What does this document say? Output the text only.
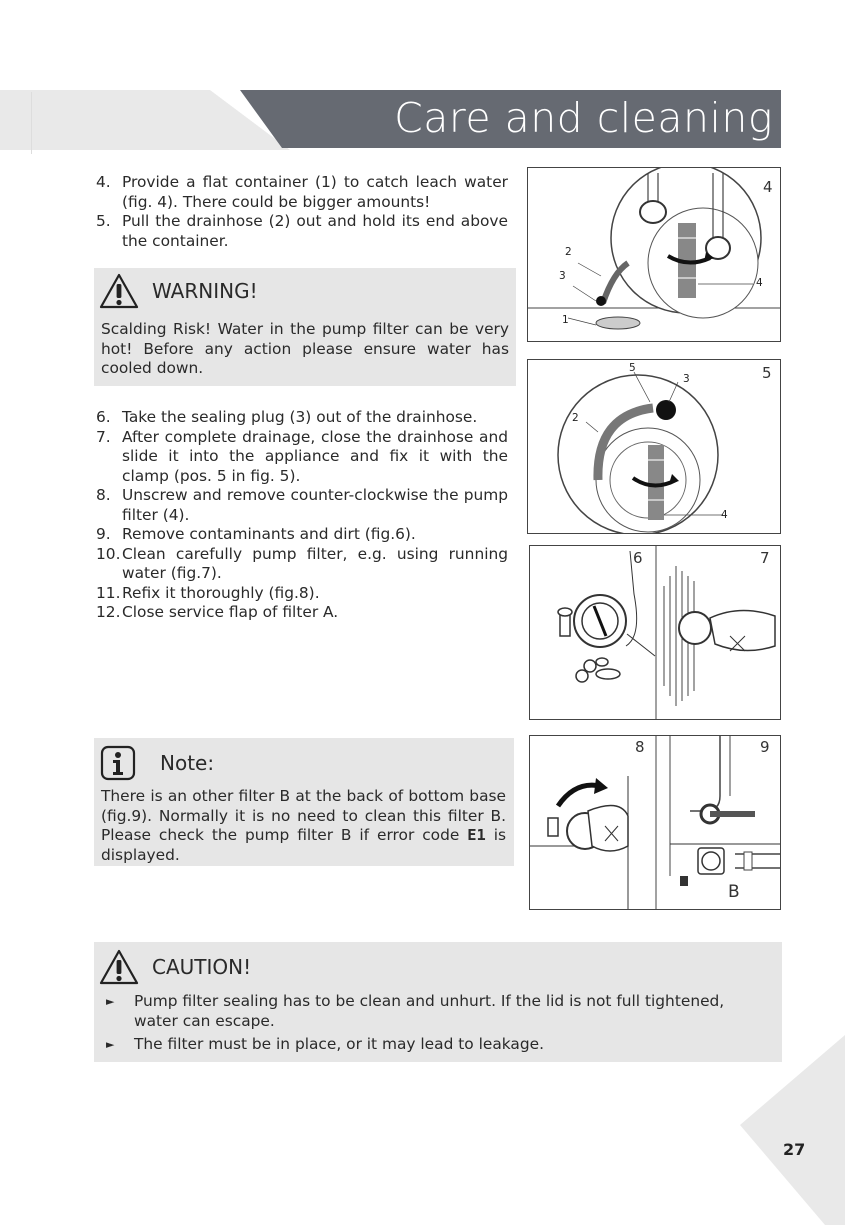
Care and cleaning
4. Provide a flat container (1) to catch leach water (fig. 4). There could be bigger amounts!
5. Pull the drainhose (2) out and hold its end above the container.
WARNING!
Scalding Risk! Water in the pump filter can be very hot! Before any action please ensure water has cooled down.
6. Take the sealing plug (3) out of the drainhose.
7. After complete drainage, close the drainhose and slide it into the appliance and fix it with the clamp (pos. 5 in fig. 5).
8. Unscrew and remove counter-clockwise the pump filter (4).
9. Remove contaminants and dirt (fig.6).
10. Clean carefully pump filter, e.g. using running water (fig.7).
11. Refix it thoroughly (fig.8).
12. Close service flap of filter A.
Note:
There is an other filter B at the back of bottom base (fig.9). Normally it is no need to clean this filter B. Please check the pump filter B if error code E1 is displayed.
CAUTION!
► Pump filter sealing has to be clean and unhurt. If the lid is not full tightened, water can escape.
► The filter must be in place, or it may lead to leakage.
4
2
3
1
4
5
5
3
2
4
6	7
8	9
B
27
